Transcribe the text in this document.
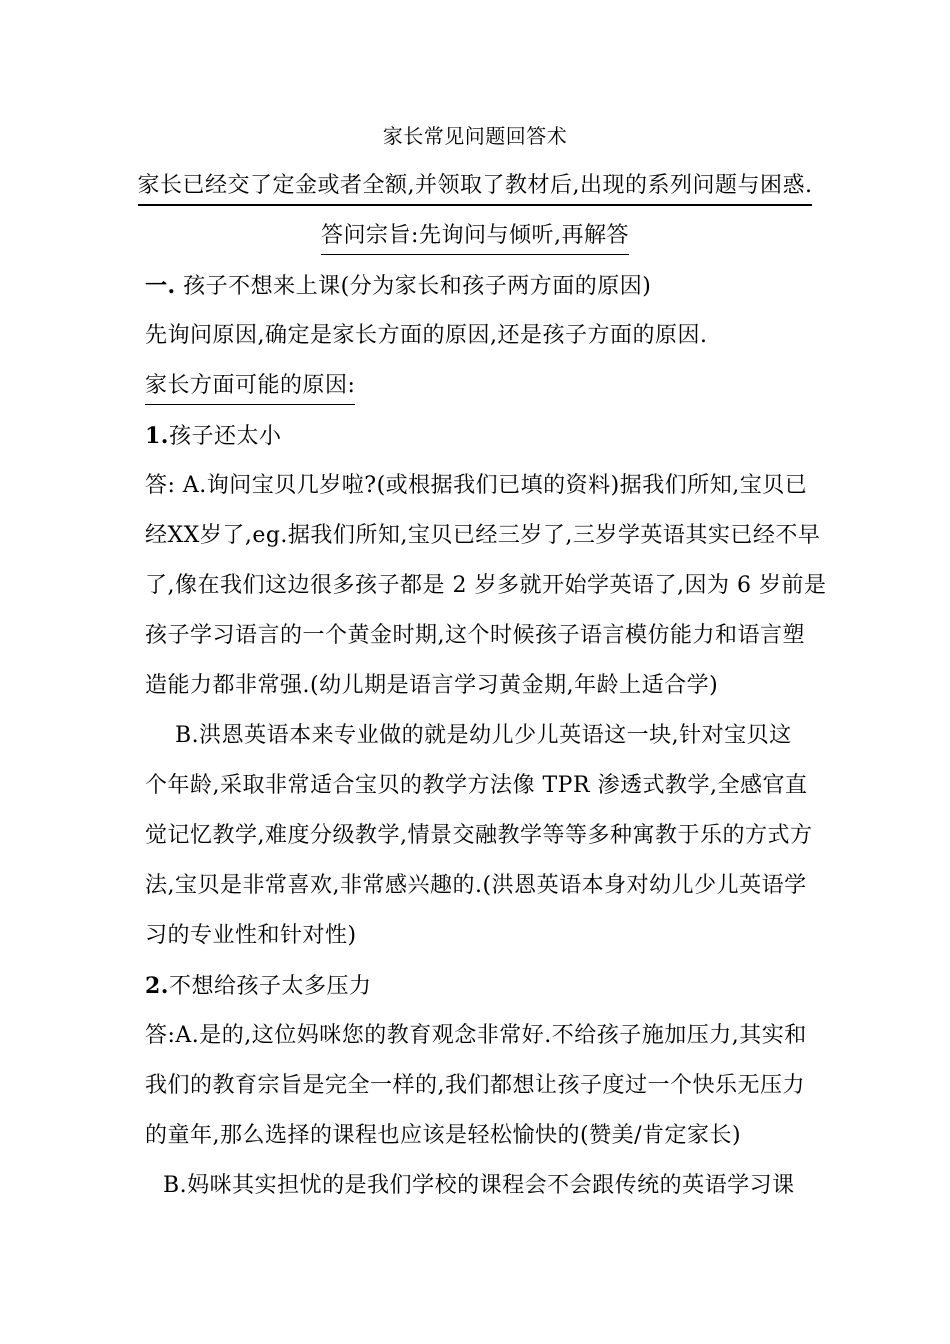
家长常见问题回答术
家长已经交了定金或者全额,并领取了教材后,出现的系列问题与困惑.
答问宗旨:先询问与倾听,再解答
一. 孩子不想来上课(分为家长和孩子两方面的原因)
先询问原因,确定是家长方面的原因,还是孩子方面的原因.
家长方面可能的原因:
1.孩子还太小
答: A.询问宝贝几岁啦?(或根据我们已填的资料)据我们所知,宝贝已
经XX岁了,eg.据我们所知,宝贝已经三岁了,三岁学英语其实已经不早
了,像在我们这边很多孩子都是 2 岁多就开始学英语了,因为 6 岁前是
孩子学习语言的一个黄金时期,这个时候孩子语言模仿能力和语言塑
造能力都非常强.(幼儿期是语言学习黄金期,年龄上适合学)
B.洪恩英语本来专业做的就是幼儿少儿英语这一块,针对宝贝这
个年龄,采取非常适合宝贝的教学方法像 TPR 渗透式教学,全感官直
觉记忆教学,难度分级教学,情景交融教学等等多种寓教于乐的方式方
法,宝贝是非常喜欢,非常感兴趣的.(洪恩英语本身对幼儿少儿英语学
习的专业性和针对性)
2.不想给孩子太多压力
答:A.是的,这位妈咪您的教育观念非常好.不给孩子施加压力,其实和
我们的教育宗旨是完全一样的,我们都想让孩子度过一个快乐无压力
的童年,那么选择的课程也应该是轻松愉快的(赞美/肯定家长)
B.妈咪其实担忧的是我们学校的课程会不会跟传统的英语学习课
